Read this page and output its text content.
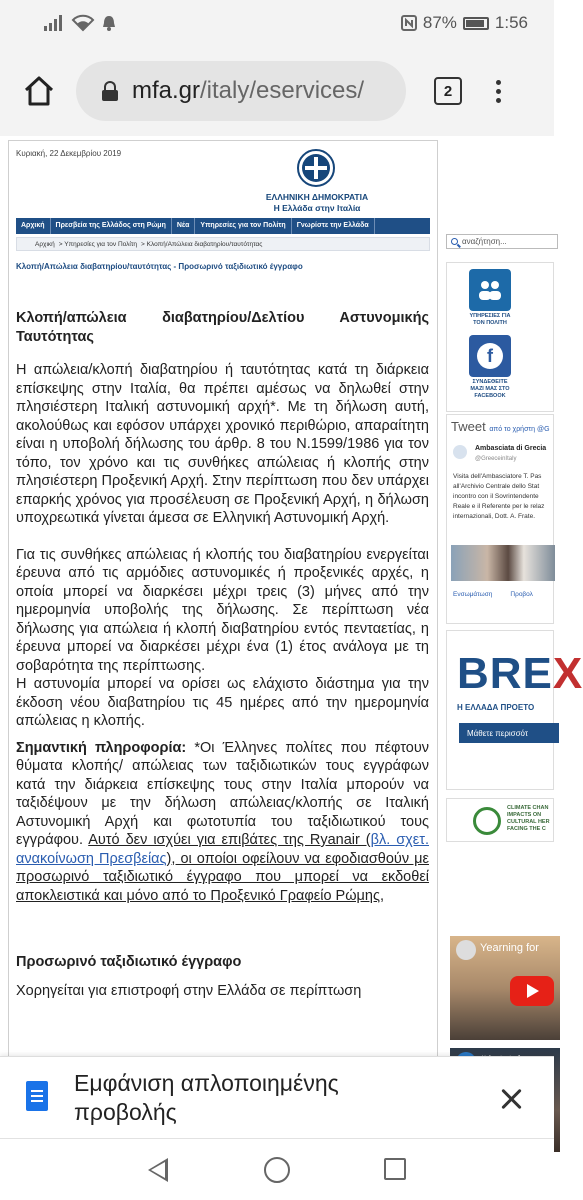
87% 1:56
mfa.gr /italy/eservices/	2
Κυριακή, 22 Δεκεμβρίου 2019
ΕΛΛΗΝΙΚΗ ΔΗΜΟΚΡΑΤΙΑ
Η Ελλάδα στην Ιταλία
Αρχική	Πρεσβεία της Ελλάδος στη Ρώμη	Νέα	Υπηρεσίες για τον Πολίτη	Γνωρίστε την Ελλάδα
Αρχική > Υπηρεσίες για τον Πολίτη > Κλοπή/Απώλεια διαβατηρίου/ταυτότητας
Κλοπή/Απώλεια διαβατηρίου/ταυτότητας - Προσωρινό ταξιδιωτικό έγγραφο
Κλοπή/απώλεια διαβατηρίου/Δελτίου Αστυνομικής Ταυτότητας

Η απώλεια/κλοπή διαβατηρίου ή ταυτότητας κατά τη διάρκεια επίσκεψης στην Ιταλία, θα πρέπει αμέσως να δηλωθεί στην πλησιέστερη Ιταλική αστυνομική αρχή*. Με τη δήλωση αυτή, ακολούθως και εφόσον υπάρχει χρονικό περιθώριο, απαραίτητη είναι η υποβολή δήλωσης του άρθρ. 8 του Ν.1599/1986 για τον τόπο, τον χρόνο και τις συνθήκες απώλειας ή κλοπής στην πλησιέστερη Προξενική Αρχή. Στην περίπτωση που δεν υπάρχει επαρκής χρόνος για προσέλευση σε Προξενική Αρχή, η δήλωση υποχρεωτικά γίνεται άμεσα σε Ελληνική Αστυνομική Αρχή.

Για τις συνθήκες απώλειας ή κλοπής του διαβατηρίου ενεργείται έρευνα από τις αρμόδιες αστυνομικές ή προξενικές αρχές, η οποία μπορεί να διαρκέσει μέχρι τρεις (3) μήνες από την ημερομηνία υποβολής της δήλωσης. Σε περίπτωση νέα δήλωσης για απώλεια ή κλοπή διαβατηρίου εντός πενταετίας, η έρευνα μπορεί να διαρκέσει μέχρι ένα (1) έτος ανάλογα με τη σοβαρότητα της περίπτωσης.

Η αστυνομία μπορεί να ορίσει ως ελάχιστο διάστημα για την έκδοση νέου διαβατηρίου τις 45 ημέρες από την ημερομηνία απώλειας η κλοπής.

Σημαντική πληροφορία: *Οι Έλληνες πολίτες που πέφτουν θύματα κλοπής/ απώλειας των ταξιδιωτικών τους εγγράφων κατά την διάρκεια επίσκεψης τους στην Ιταλία μπορούν να ταξιδέψουν με την δήλωση απώλειας/κλοπής σε Ιταλική Αστυνομική Αρχή και φωτοτυπία του ταξιδιωτικού τους εγγράφου. Αυτό δεν ισχύει για επιβάτες της Ryanair (βλ. σχετ. ανακοίνωση Πρεσβείας), οι οποίοι οφείλουν να εφοδιασθούν με προσωρινό ταξιδιωτικό έγγραφο που μπορεί να εκδοθεί αποκλειστικά και μόνο από το Προξενικό Γραφείο Ρώμης,

Προσωρινό ταξιδιωτικό έγγραφο

Χορηγείται για επιστροφή στην Ελλάδα σε περίπτωση

αναζήτηση...
ΥΠΗΡΕΣΙΕΣ ΓΙΑ ΤΟΝ ΠΟΛΙΤΗ
f
ΣΥΝΔΕΘΕΙΤΕ ΜΑΖΙ ΜΑΣ ΣΤΟ FACEBOOK
Tweet από το χρήστη @G
Ambasciata di Grecia
@GreeceinItaly
Visita dell'Ambasciatore T. Pas
all'Archivio Centrale dello Stat
incontro con il Sovrintendente
Reale e il Referente per le relaz
internazionali, Dott. A. Frate.
Ενσωμάτωση	Προβολ
BREX
Η ΕΛΛΑΔΑ ΠΡΟΕΤΟ
Μάθετε περισσότ
CLIMATE CHAN
IMPACTS ON
CULTURAL HER
FACING THE C
Yearning for
Εμφάνιση απλοποιημένης προβολής
